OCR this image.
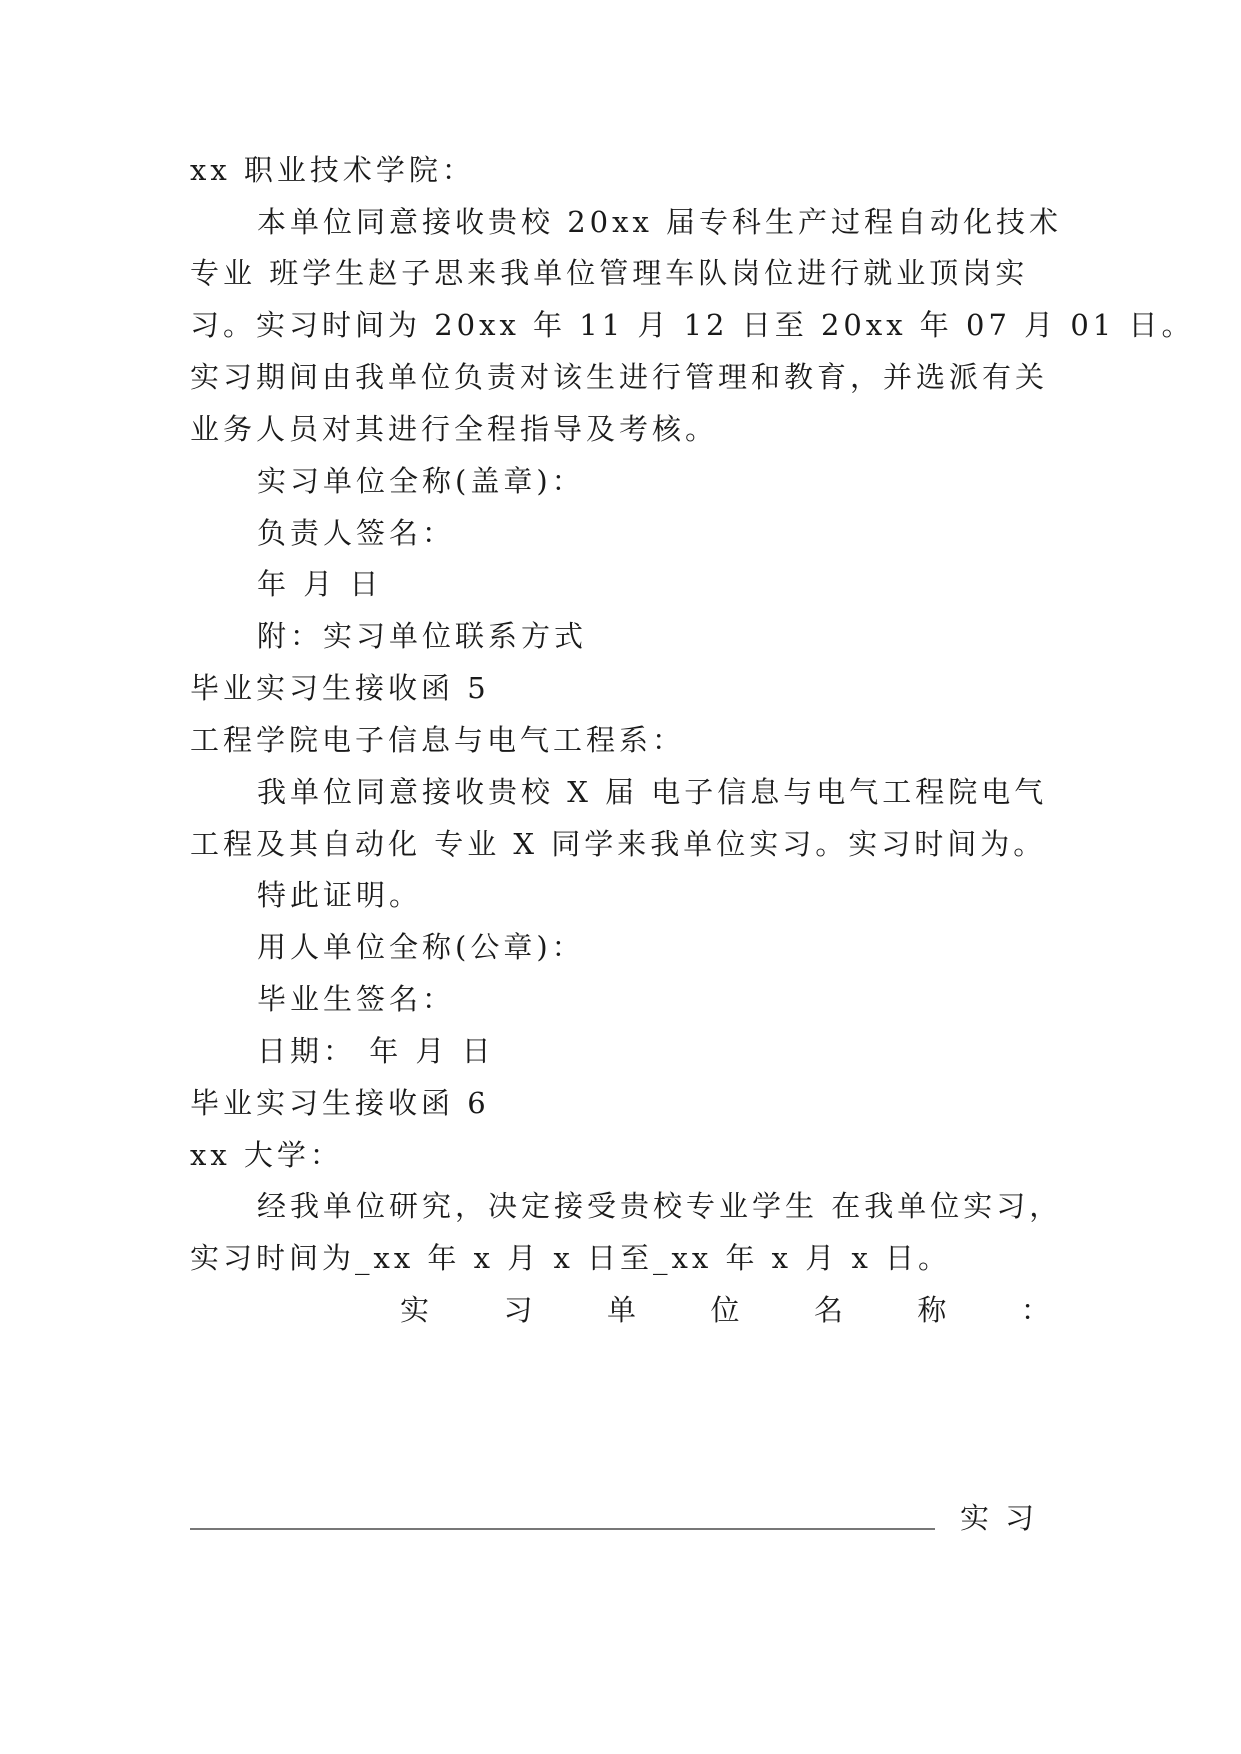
xx 职业技术学院：

本单位同意接收贵校 20xx 届专科生产过程自动化技术

专业 班学生赵子思来我单位管理车队岗位进行就业顶岗实

习。实习时间为 20xx 年 11 月 12 日至 20xx 年 07 月 01 日。

实习期间由我单位负责对该生进行管理和教育，并选派有关

业务人员对其进行全程指导及考核。

实习单位全称(盖章)：

负责人签名：

年 月 日

附：实习单位联系方式

毕业实习生接收函 5

工程学院电子信息与电气工程系：

我单位同意接收贵校 X 届 电子信息与电气工程院电气

工程及其自动化 专业 X 同学来我单位实习。实习时间为。

特此证明。

用人单位全称(公章)：

毕业生签名：

日期： 年 月 日

毕业实习生接收函 6

xx 大学：

经我单位研究，决定接受贵校专业学生 在我单位实习，

实习时间为_xx 年 x 月 x 日至_xx 年 x 月 x 日。

实	习	单	位	名	称	：
实习
